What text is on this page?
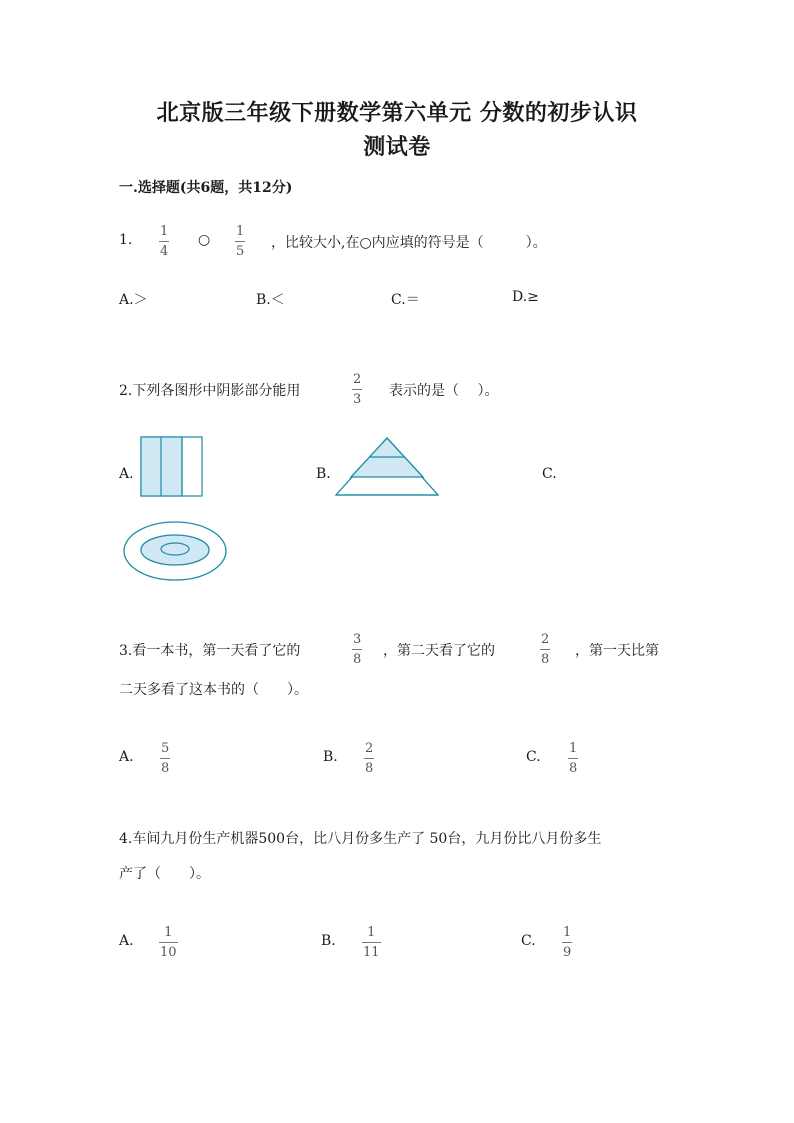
北京版三年级下册数学第六单元 分数的初步认识
测试卷
一.选择题(共6题，共12分)
1.
1
4
○
1
5
，比较大小,在○内应填的符号是（　　　）。
A.＞	B.＜	C.＝	D.≥
2.下列各图形中阴影部分能用
2
3
表示的是（　 ）。
A.	B.	C.
3.看一本书，第一天看了它的
3
8
，第二天看了它的
2
8
，第一天比第
二天多看了这本书的（　　）。
A.
5
8
B.
2
8
C.
1
8
4.车间九月份生产机器500台，比八月份多生产了 50台，九月份比八月份多生
产了（　　）。
A.
1
10
B.
1
11
C.
1
9
